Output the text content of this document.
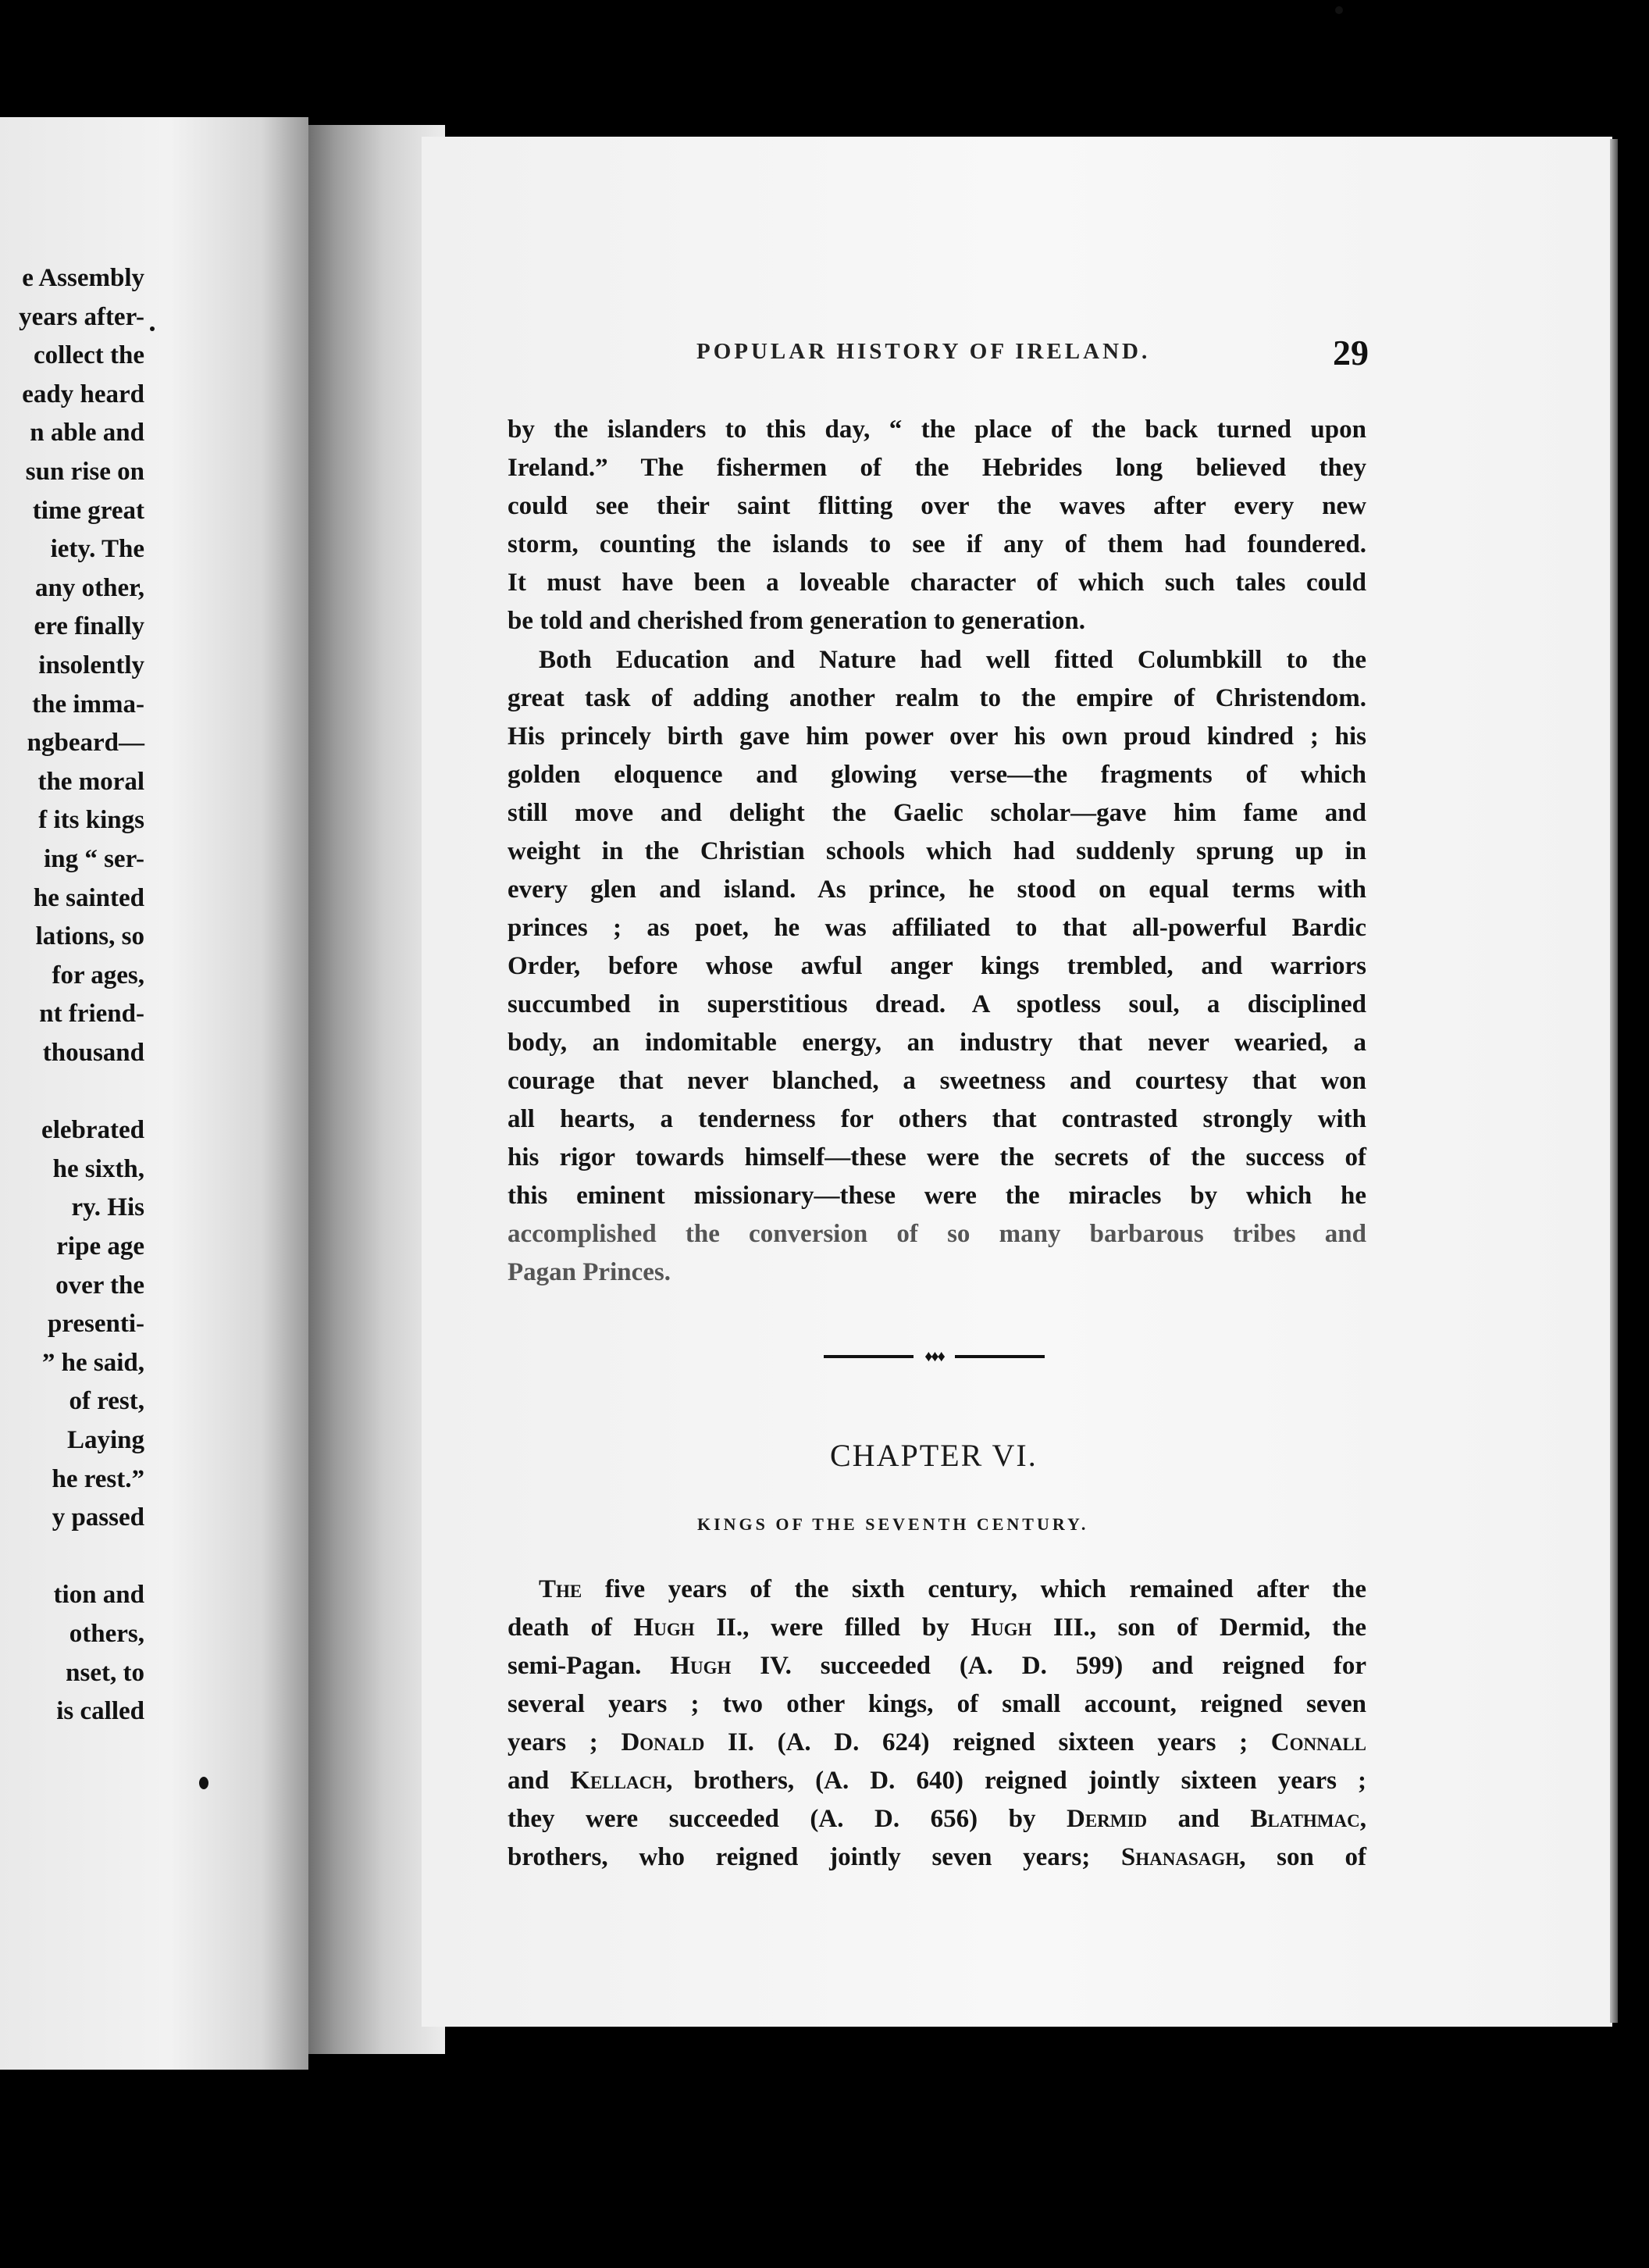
e Assembly
years after-
collect the
eady heard
n able and
sun rise on
time great
iety. The
any other,
ere finally
insolently
the imma-
ngbeard—
the moral
f its kings
ing “ ser-
he sainted
lations, so
for ages,
nt friend-
thousand
elebrated
he sixth,
ry. His
ripe age
over the
presenti-
” he said,
of rest,
Laying
he rest.”
y passed
tion and
others,
nset, to
is called
POPULAR HISTORY OF IRELAND.	29
by the islanders to this day, “ the place of the back turned upon
Ireland.” The fishermen of the Hebrides long believed they
could see their saint flitting over the waves after every new
storm, counting the islands to see if any of them had foundered.
It must have been a loveable character of which such tales could
be told and cherished from generation to generation.
Both Education and Nature had well fitted Columbkill to the
great task of adding another realm to the empire of Christendom.
His princely birth gave him power over his own proud kindred ; his
golden eloquence and glowing verse—the fragments of which
still move and delight the Gaelic scholar—gave him fame and
weight in the Christian schools which had suddenly sprung up in
every glen and island. As prince, he stood on equal terms with
princes ; as poet, he was affiliated to that all-powerful Bardic
Order, before whose awful anger kings trembled, and warriors
succumbed in superstitious dread. A spotless soul, a disciplined
body, an indomitable energy, an industry that never wearied, a
courage that never blanched, a sweetness and courtesy that won
all hearts, a tenderness for others that contrasted strongly with
his rigor towards himself—these were the secrets of the success of
this eminent missionary—these were the miracles by which he
accomplished the conversion of so many barbarous tribes and
Pagan Princes.
♦♦♦
CHAPTER VI.
KINGS OF THE SEVENTH CENTURY.
The five years of the sixth century, which remained after the
death of Hugh II., were filled by Hugh III., son of Dermid, the
semi-Pagan. Hugh IV. succeeded (A. D. 599) and reigned for
several years ; two other kings, of small account, reigned seven
years ; Donald II. (A. D. 624) reigned sixteen years ; Connall
and Kellach, brothers, (A. D. 640) reigned jointly sixteen years ;
they were succeeded (A. D. 656) by Dermid and Blathmac,
brothers, who reigned jointly seven years; Shanasagh, son of
